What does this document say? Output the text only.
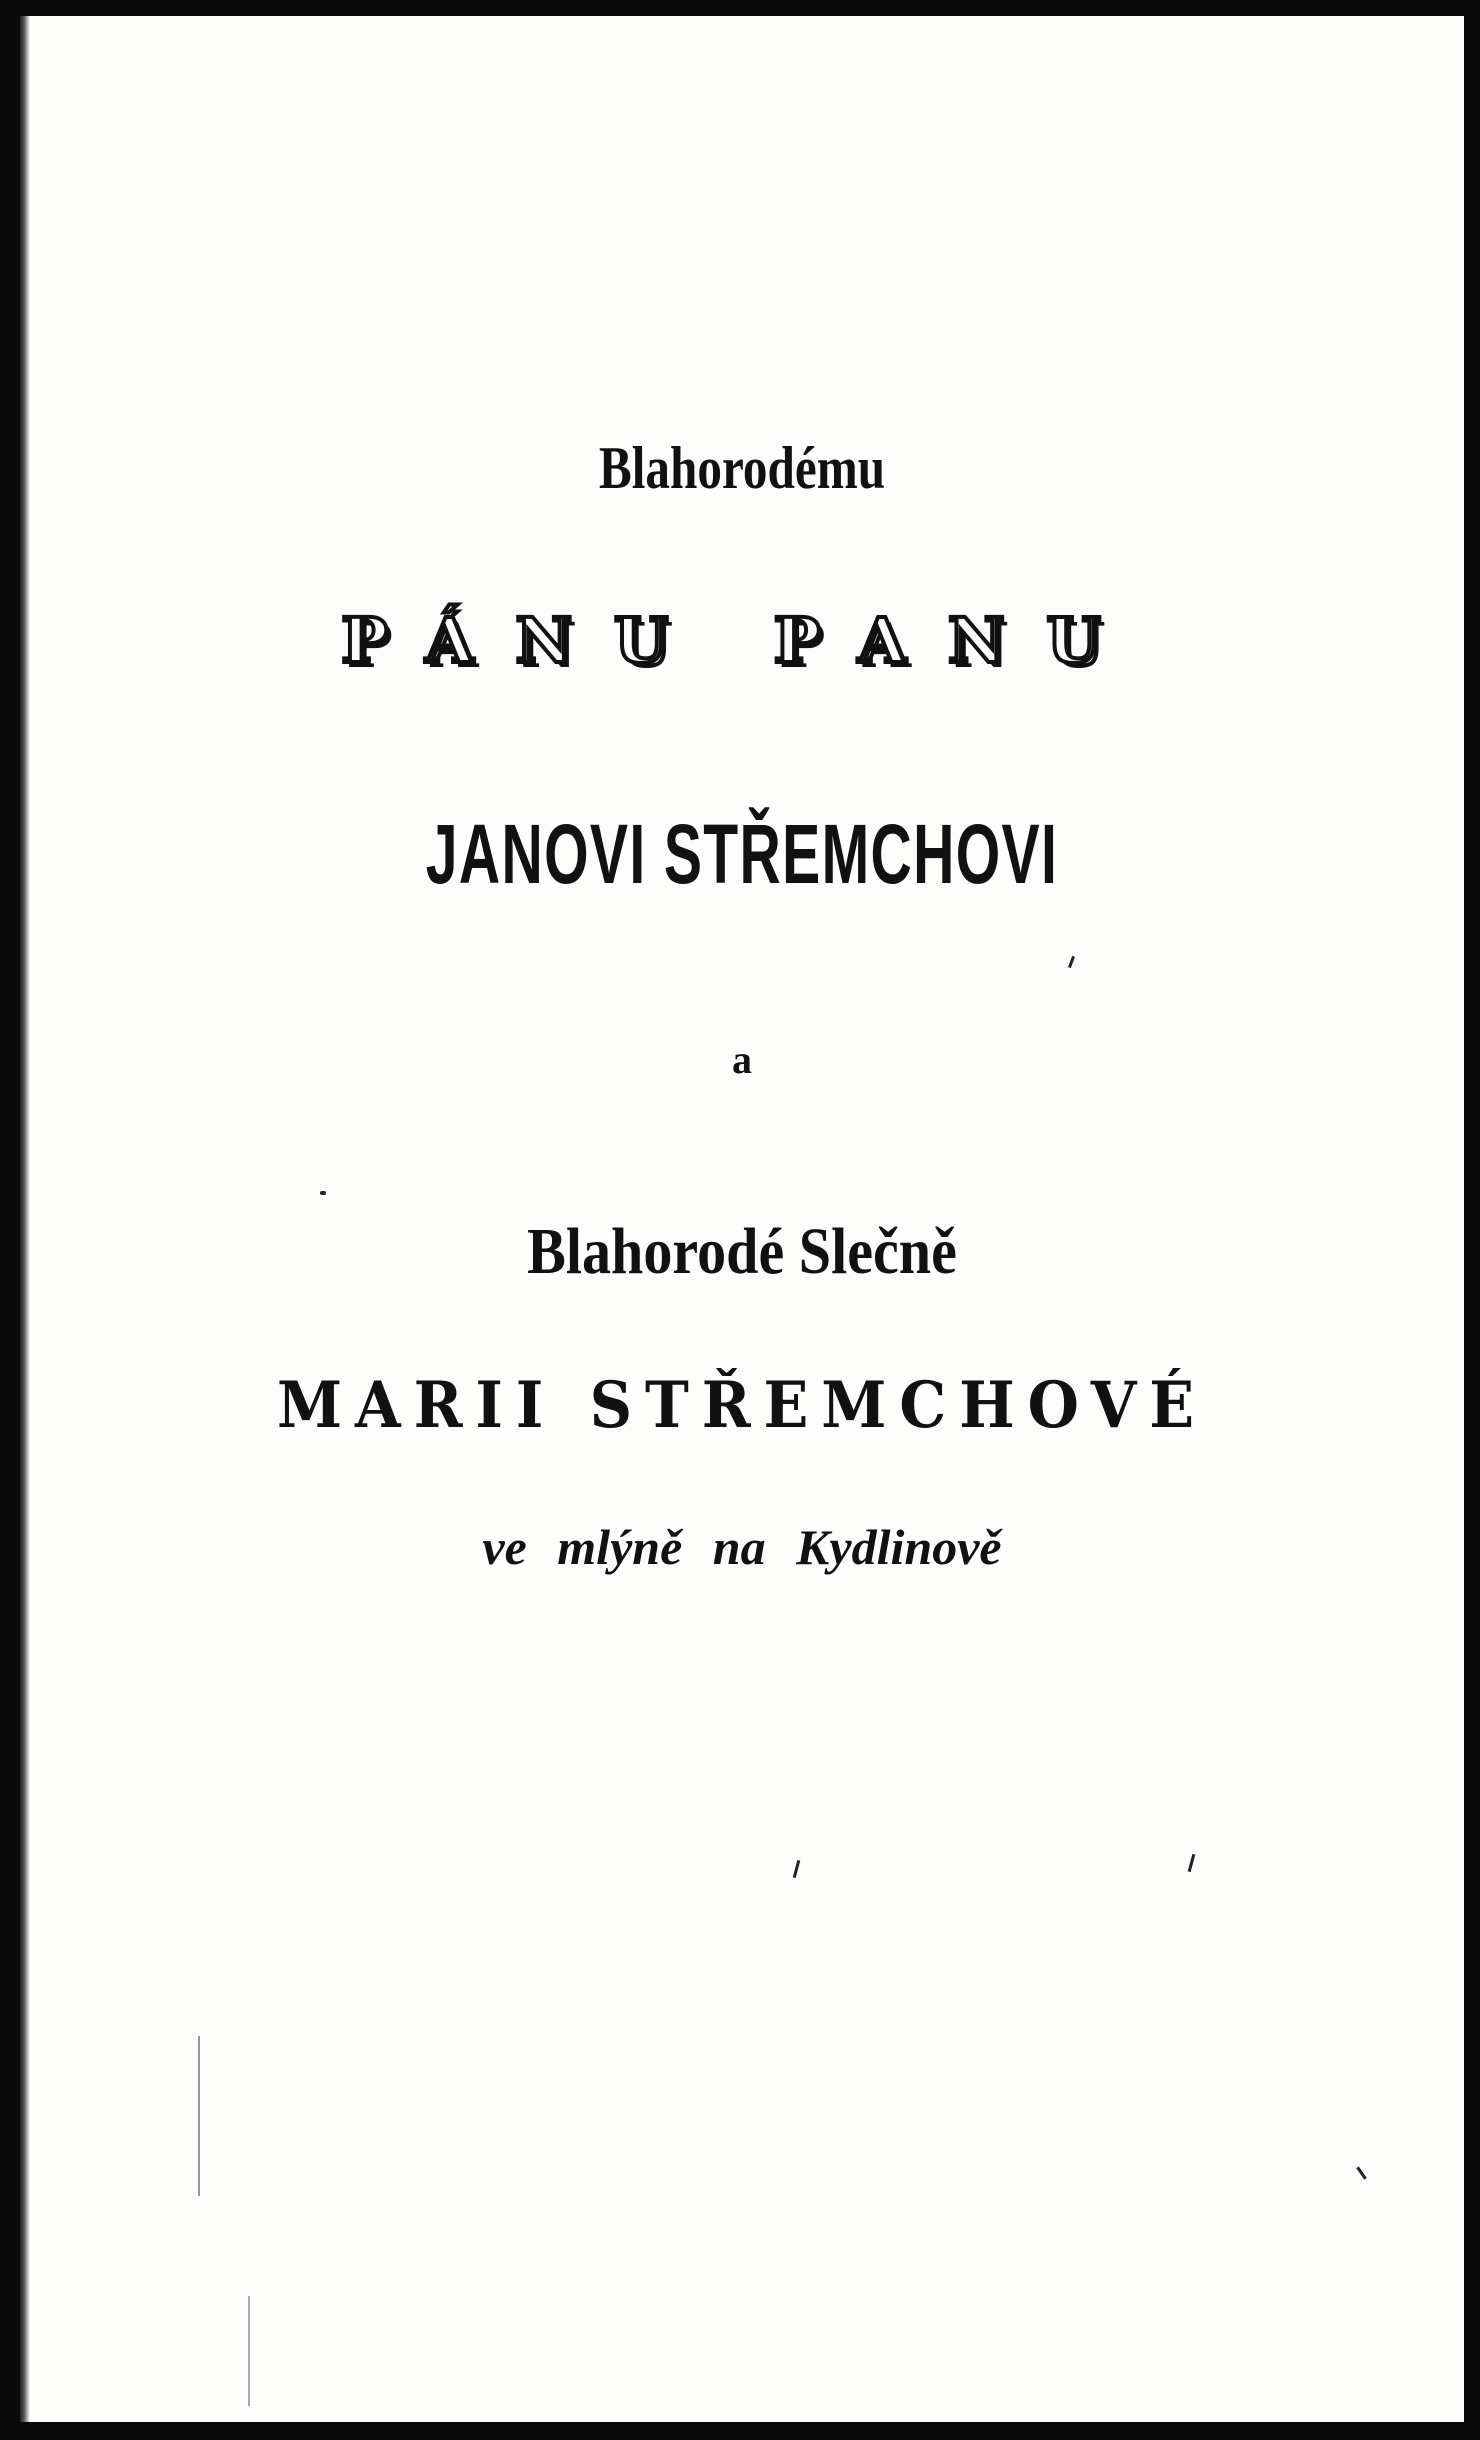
Blahorodému
PÁNU PANU
JANOVI STŘEMCHOVI
a
Blahorodé Slečně
MARII STŘEMCHOVÉ
ve mlýně na Kydlinově
